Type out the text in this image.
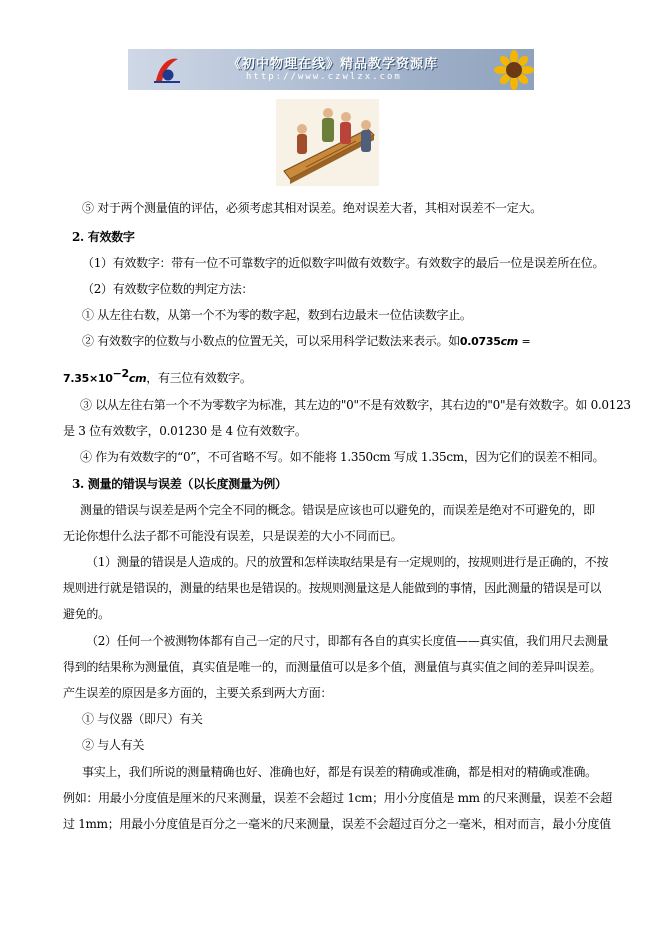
《初中物理在线》精品教学资源库
http://www.czwlzx.com
⑤ 对于两个测量值的评估，必须考虑其相对误差。绝对误差大者，其相对误差不一定大。
2. 有效数字
（1）有效数字：带有一位不可靠数字的近似数字叫做有效数字。有效数字的最后一位是误差所在位。
（2）有效数字位数的判定方法：
① 从左往右数，从第一个不为零的数字起，数到右边最末一位估读数字止。
② 有效数字的位数与小数点的位置无关，可以采用科学记数法来表示。如0.0735cm =
$7.35\times 10^{-2}cm$，有三位有效数字。
③ 以从左往右第一个不为零数字为标准，其左边的"0"不是有效数字，其右边的"0"是有效数字。如 0.0123
是 3 位有效数字，0.01230 是 4 位有效数字。
④ 作为有效数字的“0”，不可省略不写。如不能将 1.350cm 写成 1.35cm，因为它们的误差不相同。
3. 测量的错误与误差（以长度测量为例）
测量的错误与误差是两个完全不同的概念。错误是应该也可以避免的，而误差是绝对不可避免的，即
无论你想什么法子都不可能没有误差，只是误差的大小不同而已。
（1）测量的错误是人造成的。尺的放置和怎样读取结果是有一定规则的，按规则进行是正确的，不按
规则进行就是错误的，测量的结果也是错误的。按规则测量这是人能做到的事情，因此测量的错误是可以
避免的。
（2）任何一个被测物体都有自己一定的尺寸，即都有各自的真实长度值——真实值，我们用尺去测量
得到的结果称为测量值，真实值是唯一的，而测量值可以是多个值，测量值与真实值之间的差异叫误差。
产生误差的原因是多方面的，主要关系到两大方面：
① 与仪器（即尺）有关
② 与人有关
事实上，我们所说的测量精确也好、准确也好，都是有误差的精确或准确，都是相对的精确或准确。
例如：用最小分度值是厘米的尺来测量，误差不会超过 1cm；用小分度值是 mm 的尺来测量，误差不会超
过 1mm；用最小分度值是百分之一毫米的尺来测量，误差不会超过百分之一毫米，相对而言，最小分度值
